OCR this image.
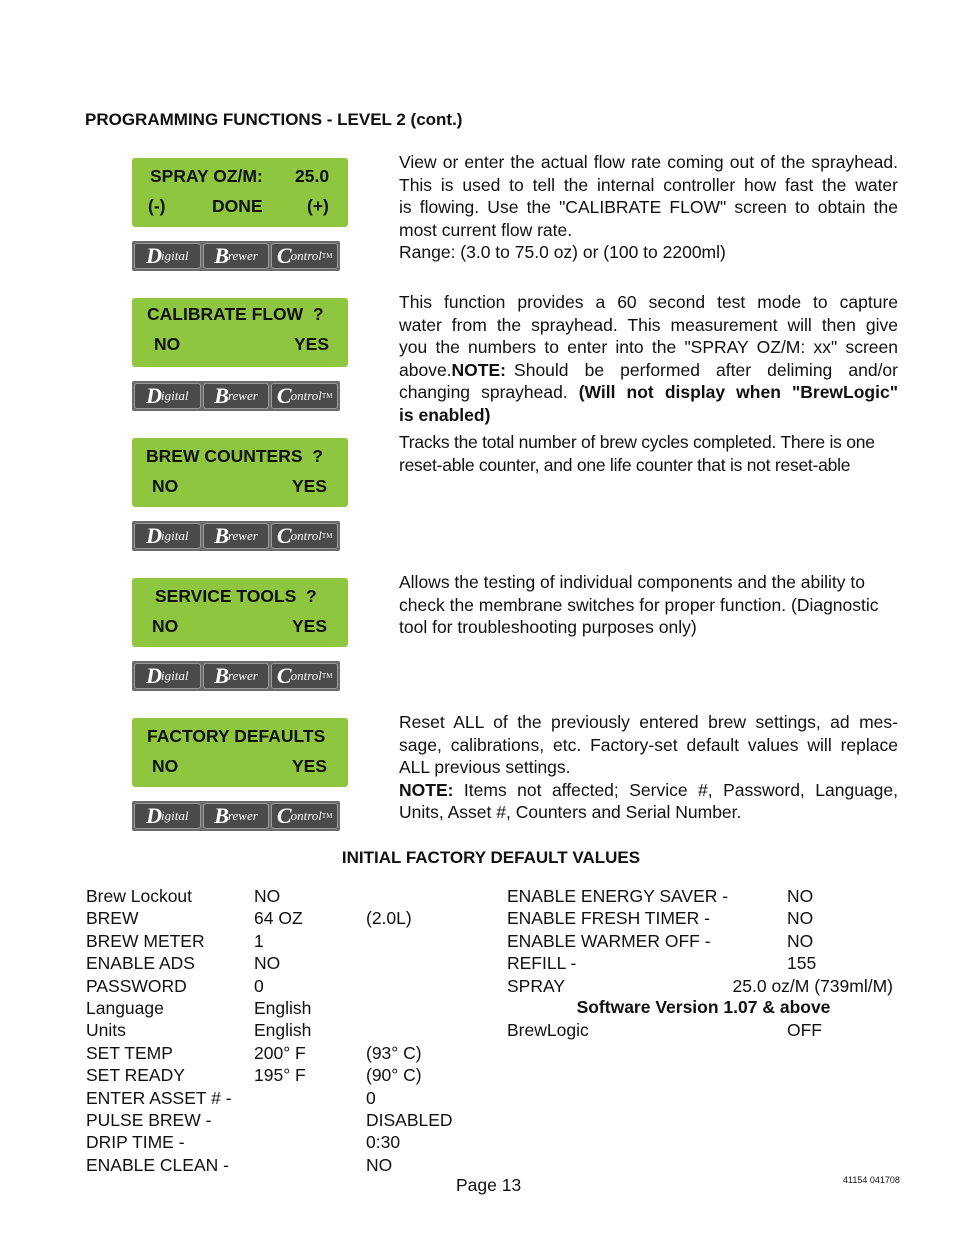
PROGRAMMING FUNCTIONS - LEVEL 2 (cont.)
SPRAY OZ/M: 25.0
(-)	DONE	(+)
D igital B rewer C ontrol TM
View or enter the actual flow rate coming out of the sprayhead.
This is used to tell the internal controller how fast the water
is flowing. Use the "CALIBRATE FLOW" screen to obtain the
most current flow rate.
Range: (3.0 to 75.0 oz) or (100 to 2200ml)
CALIBRATE FLOW  ?
NO	YES
D igital B rewer C ontrol TM
This  function  provides  a  60  second  test  mode  to  capture
water from the sprayhead. This measurement will then give
you the numbers to enter into the "SPRAY OZ/M: xx" screen
above.NOTE: Should  be  performed  after  deliming  and/or
changing sprayhead. (Will not display when "BrewLogic"
is enabled)
BREW COUNTERS  ?
NO	YES
D igital B rewer C ontrol TM
Tracks the total number of brew cycles completed. There is one
reset-able counter, and one life counter that is not reset-able
SERVICE TOOLS  ?
NO	YES
D igital B rewer C ontrol TM
Allows the testing of individual components and the ability to
check the membrane switches for proper function. (Diagnostic
tool for troubleshooting purposes only)
FACTORY DEFAULTS
NO	YES
D igital B rewer C ontrol TM
Reset ALL of the previously entered brew settings, ad mes-
sage, calibrations, etc. Factory-set default values will replace
ALL previous settings.
NOTE: Items not affected; Service #, Password, Language,
Units, Asset #, Counters and Serial Number.
INITIAL FACTORY DEFAULT VALUES
Brew Lockout	NO
BREW	64 OZ	(2.0L)
BREW METER	1
ENABLE ADS	NO
PASSWORD	0
Language	English
Units	English
SET TEMP	200° F	(93° C)
SET READY	195° F	(90° C)
ENTER ASSET # -	0
PULSE BREW -	DISABLED
DRIP TIME -	0:30
ENABLE CLEAN -	NO
ENABLE ENERGY SAVER -	NO
ENABLE FRESH TIMER -	NO
ENABLE WARMER OFF -	NO
REFILL -	155
SPRAY	25.0 oz/M (739ml/M)
Software Version 1.07 & above
BrewLogic	OFF
Page 13	41154 041708
